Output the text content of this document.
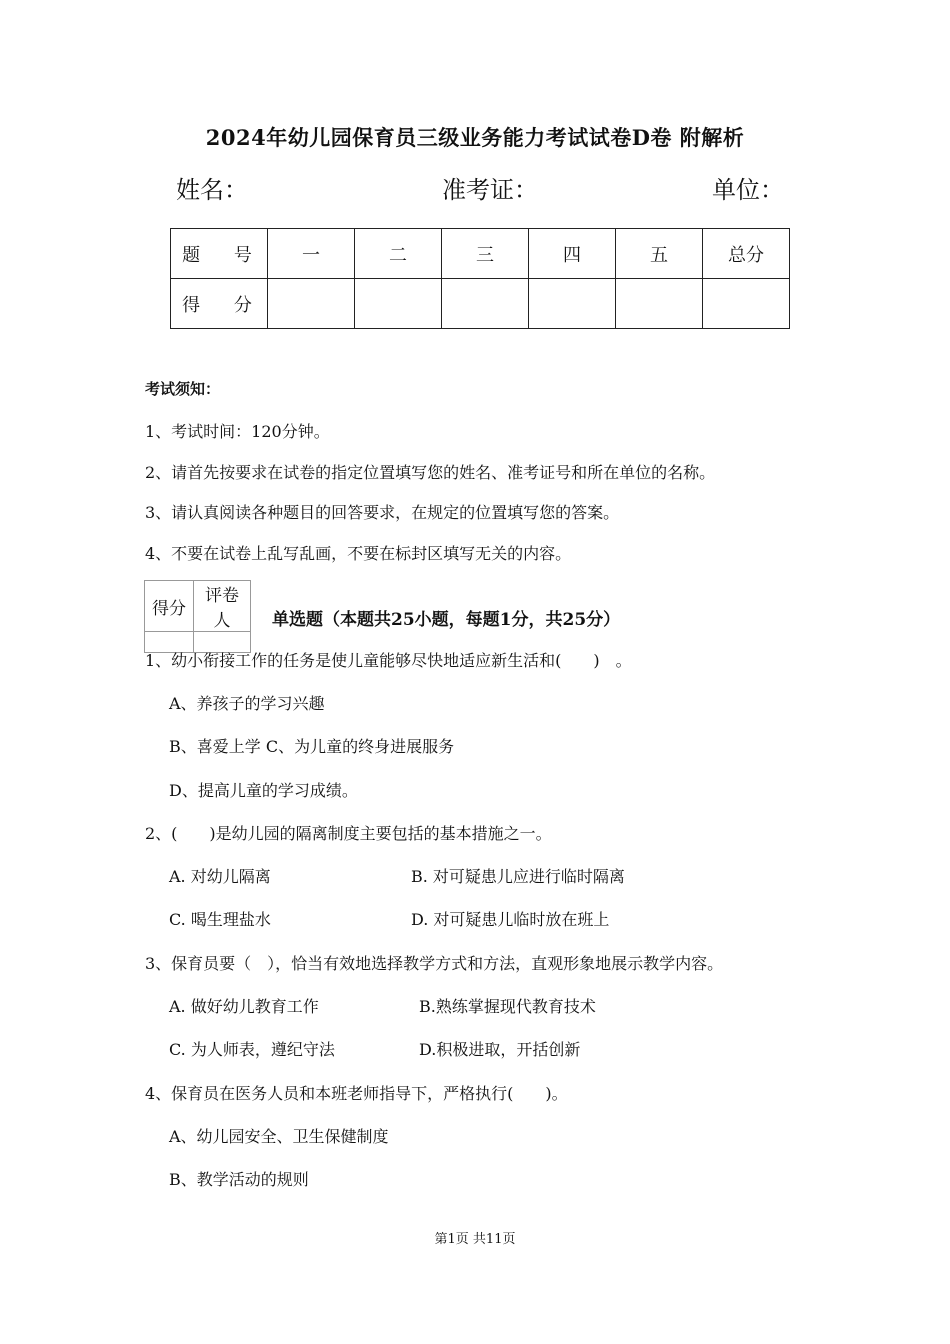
2024年幼儿园保育员三级业务能力考试试卷D卷 附解析
姓名：	准考证：	单位：
题 号	一	二	三	四	五	总分
得 分						
考试须知：
1、考试时间：120分钟。
2、请首先按要求在试卷的指定位置填写您的姓名、准考证号和所在单位的名称。
3、请认真阅读各种题目的回答要求，在规定的位置填写您的答案。
4、不要在试卷上乱写乱画，不要在标封区填写无关的内容。
得分	评卷人
	单选题（本题共25小题，每题1分，共25分）
1、幼小衔接工作的任务是使儿童能够尽快地适应新生活和(　　)　。
A、养孩子的学习兴趣
B、喜爱上学 C、为儿童的终身进展服务
D、提高儿童的学习成绩。
2、(　　)是幼儿园的隔离制度主要包括的基本措施之一。
A. 对幼儿隔离	B. 对可疑患儿应进行临时隔离
C. 喝生理盐水	D. 对可疑患儿临时放在班上
3、保育员要（　），恰当有效地选择教学方式和方法，直观形象地展示教学内容。
A. 做好幼儿教育工作	B.熟练掌握现代教育技术
C. 为人师表，遵纪守法	D.积极进取，开括创新
4、保育员在医务人员和本班老师指导下，严格执行(　　)。
A、幼儿园安全、卫生保健制度
B、教学活动的规则
第1页 共11页
